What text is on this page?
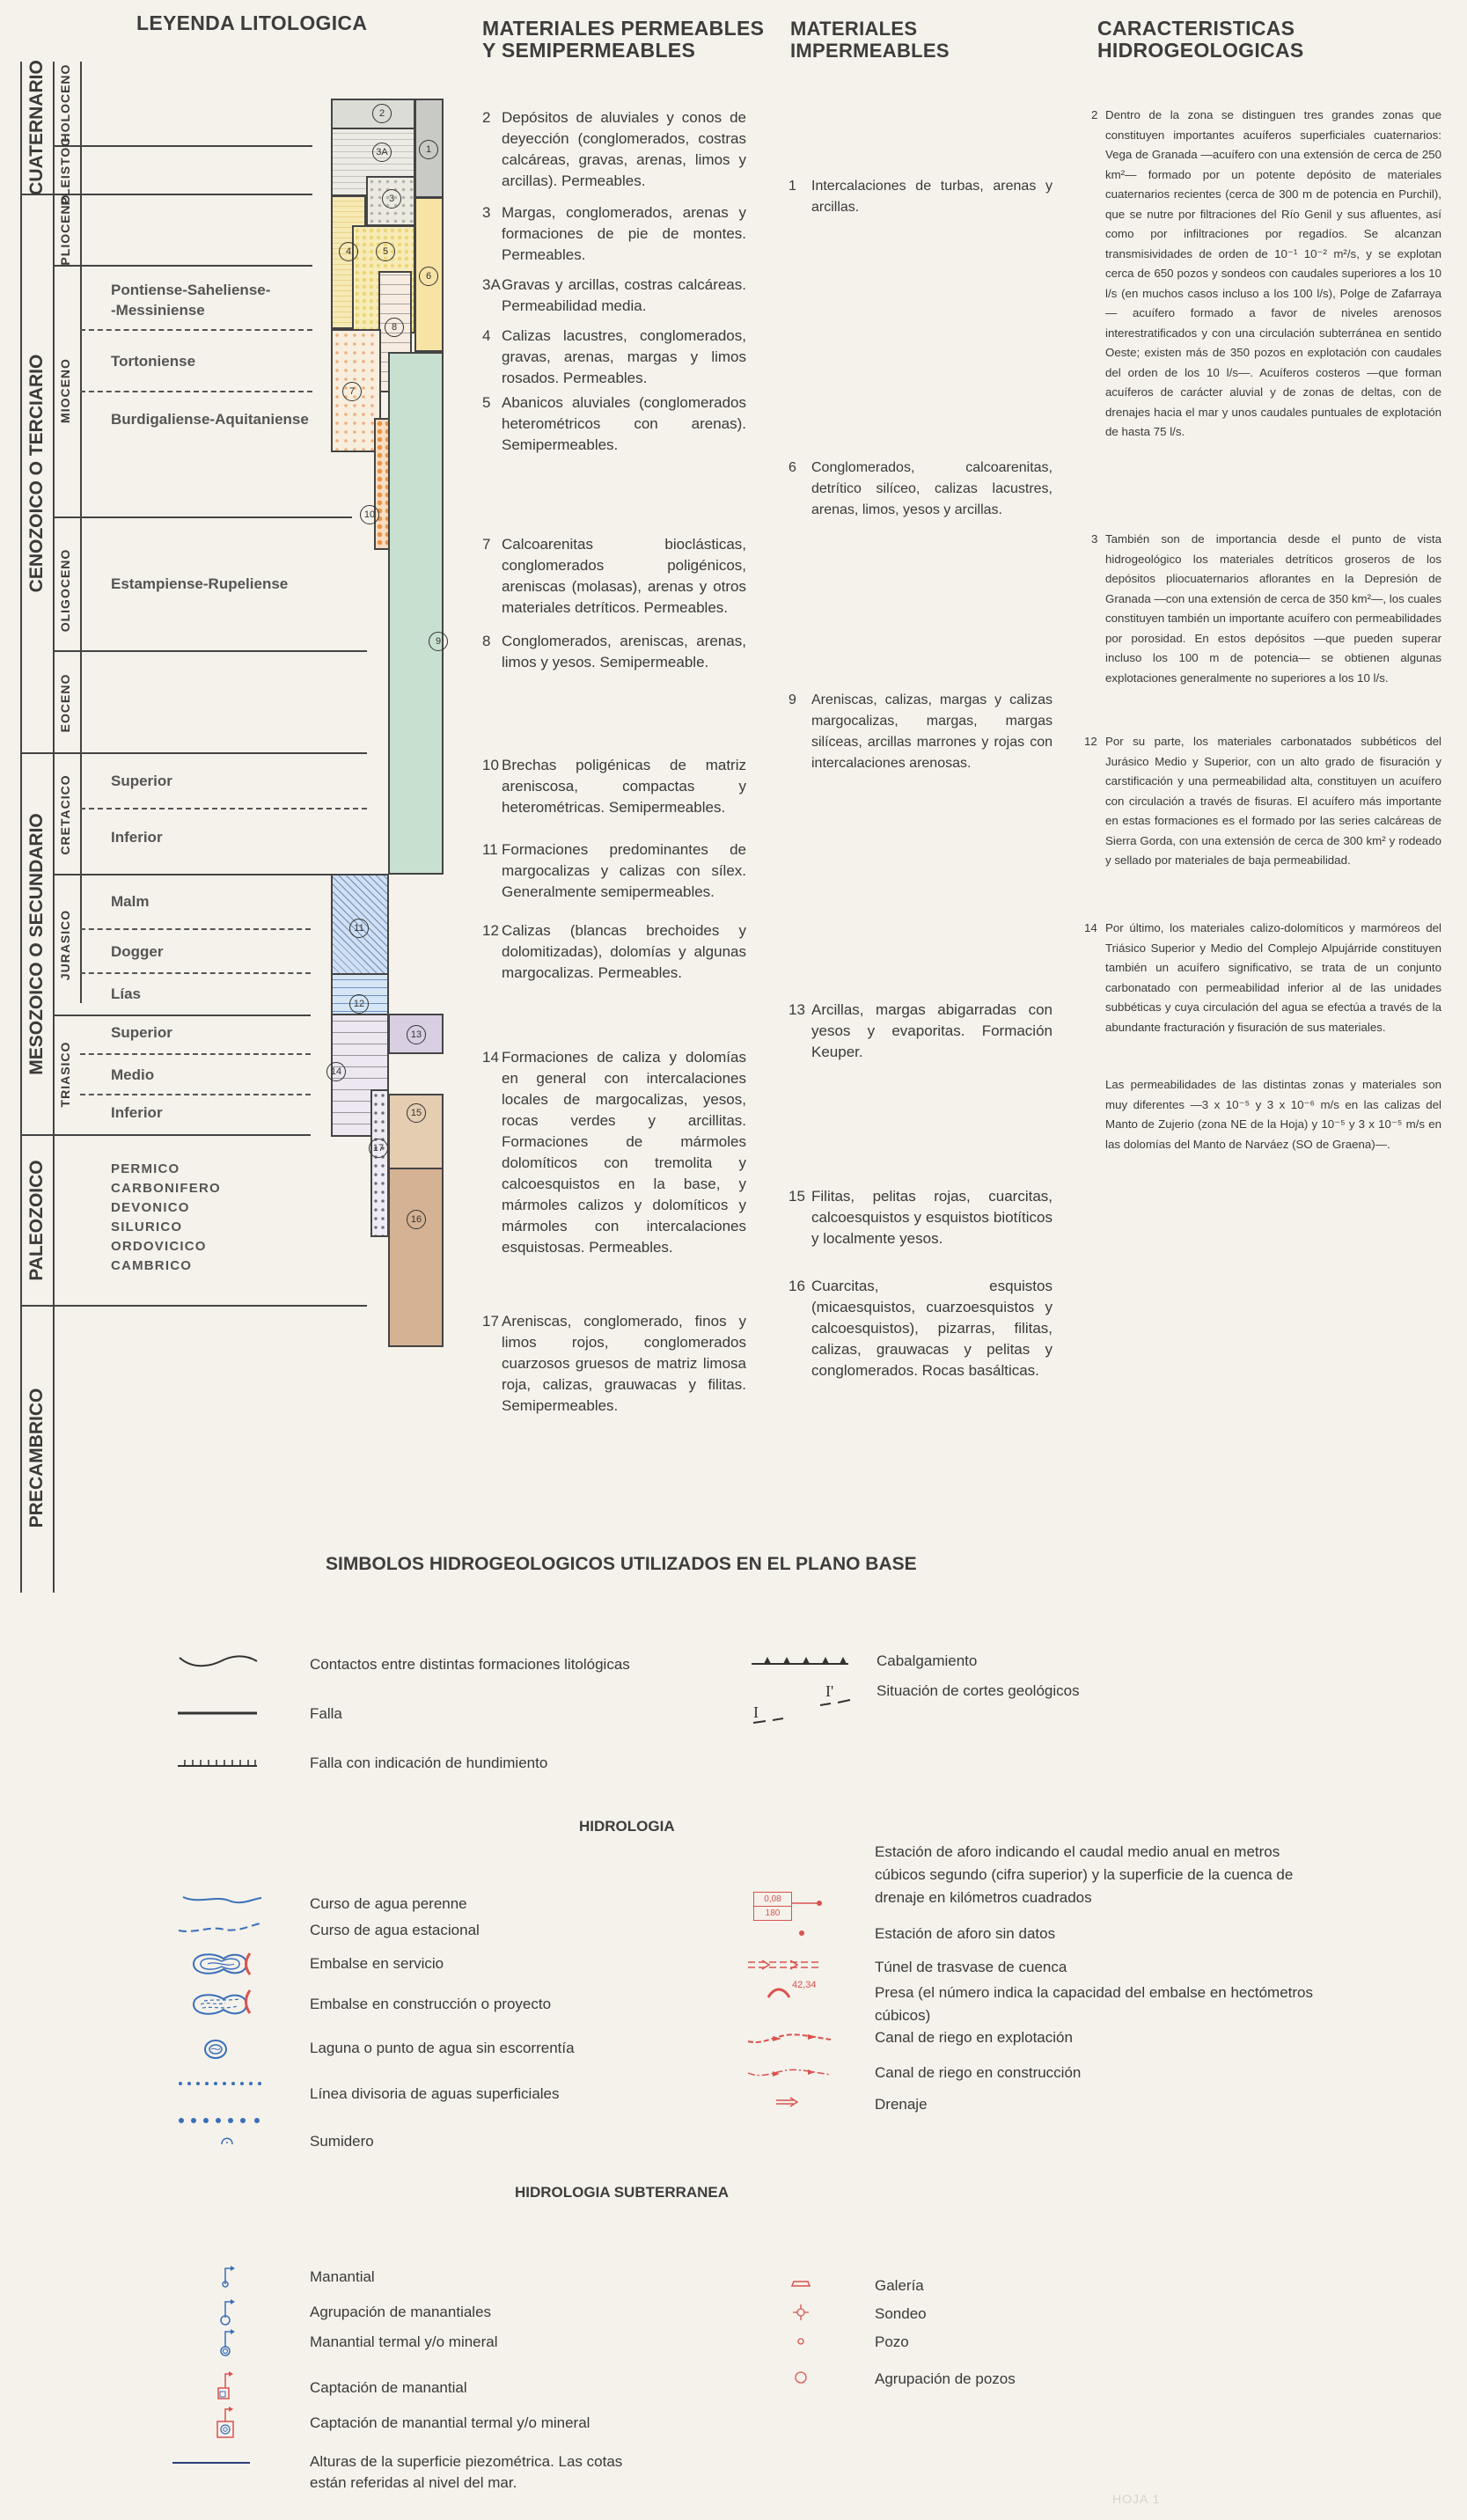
LEYENDA LITOLOGICA	MATERIALES PERMEABLES
Y SEMIPERMEABLES
MATERIALES
IMPERMEABLES
CARACTERISTICAS
HIDROGEOLOGICAS
CUATERNARIO
CENOZOICO O TERCIARIO
MESOZOICO O SECUNDARIO
PALEOZOICO
PRECAMBRICO
HOLOCENO
PLEISTOC.
PLIOCENO
MIOCENO
OLIGOCENO
EOCENO
CRETACICO
JURASICO
TRIASICO
Pontiense-Saheliense-
-Messiniense
Tortoniense
Burdigaliense-Aquitaniense
Estampiense-Rupeliense
Superior
Inferior
Malm
Dogger
Lías
Superior
Medio
Inferior
PERMICO
CARBONIFERO
DEVONICO
SILURICO
ORDOVICICO
CAMBRICO
2
1
3A
3
4	5
6
8
7
10
9
11
12
13
14
15
17
16
2 Depósitos de aluviales y conos de deyección (conglomerados, costras calcáreas, gravas, arenas, limos y arcillas). Permeables.
3 Margas, conglomerados, arenas y formaciones de pie de montes. Permeables.
3A Gravas y arcillas, costras calcáreas. Permeabilidad media.
4 Calizas lacustres, conglomerados, gravas, arenas, margas y limos rosados. Permeables.
5 Abanicos aluviales (conglomerados heterométricos con arenas). Semipermeables.
7 Calcoarenitas bioclásticas, conglomerados poligénicos, areniscas (molasas), arenas y otros materiales detríticos. Permeables.
8 Conglomerados, areniscas, arenas, limos y yesos. Semipermeable.
10 Brechas poligénicas de matriz areniscosa, compactas y heterométricas. Semipermeables.
11 Formaciones predominantes de margocalizas y calizas con sílex. Generalmente semipermeables.
12 Calizas (blancas brechoides y dolomitizadas), dolomías y algunas margocalizas. Permeables.
14 Formaciones de caliza y dolomías en general con intercalaciones locales de margocalizas, yesos, rocas verdes y arcillitas. Formaciones de mármoles dolomíticos con tremolita y calcoesquistos en la base, y mármoles calizos y dolomíticos y mármoles con intercalaciones esquistosas. Permeables.
17 Areniscas, conglomerado, finos y limos rojos, conglomerados cuarzosos gruesos de matriz limosa roja, calizas, grauwacas y filitas. Semipermeables.
1	Intercalaciones de turbas, arenas y arcillas.
6	Conglomerados, calcoarenitas, detrítico silíceo, calizas lacustres, arenas, limos, yesos y arcillas.
9	Areniscas, calizas, margas y calizas margocalizas, margas, margas silíceas, arcillas marrones y rojas con intercalaciones arenosas.
13 Arcillas, margas abigarradas con yesos y evaporitas. Formación Keuper.
15 Filitas, pelitas rojas, cuarcitas, calcoesquistos y esquistos biotíticos y localmente yesos.
16 Cuarcitas, esquistos (micaesquistos, cuarzoesquistos y calcoesquistos), pizarras, filitas, calizas, grauwacas y pelitas y conglomerados. Rocas basálticas.
2 Dentro de la zona se distinguen tres grandes zonas que constituyen importantes acuíferos superficiales cuaternarios: Vega de Granada —acuífero con una extensión de cerca de 250 km²— formado por un potente depósito de materiales cuaternarios recientes (cerca de 300 m de potencia en Purchil), que se nutre por filtraciones del Río Genil y sus afluentes, así como por infiltraciones por regadíos. Se alcanzan transmisividades de orden de 10⁻¹ 10⁻² m²/s, y se explotan cerca de 650 pozos y sondeos con caudales superiores a los 10 l/s (en muchos casos incluso a los 100 l/s), Polge de Zafarraya— acuífero formado a favor de niveles arenosos interestratificados y con una circulación subterránea en sentido Oeste; existen más de 350 pozos en explotación con caudales del orden de los 10 l/s—. Acuíferos costeros —que forman acuíferos de carácter aluvial y de zonas de deltas, con de drenajes hacia el mar y unos caudales puntuales de explotación de hasta 75 l/s.
3 También son de importancia desde el punto de vista hidrogeológico los materiales detríticos groseros de los depósitos pliocuaternarios aflorantes en la Depresión de Granada —con una extensión de cerca de 350 km²—, los cuales constituyen también un importante acuífero con permeabilidades por porosidad. En estos depósitos —que pueden superar incluso los 100 m de potencia— se obtienen algunas explotaciones generalmente no superiores a los 10 l/s.
12 Por su parte, los materiales carbonatados subbéticos del Jurásico Medio y Superior, con un alto grado de fisuración y carstificación y una permeabilidad alta, constituyen un acuífero con circulación a través de fisuras. El acuífero más importante en estas formaciones es el formado por las series calcáreas de Sierra Gorda, con una extensión de cerca de 300 km² y rodeado y sellado por materiales de baja permeabilidad.
14 Por último, los materiales calizo-dolomíticos y marmóreos del Triásico Superior y Medio del Complejo Alpujárride constituyen también un acuífero significativo, se trata de un conjunto carbonatado con permeabilidad inferior al de las unidades subbéticas y cuya circulación del agua se efectúa a través de la abundante fracturación y fisuración de sus materiales.
Las permeabilidades de las distintas zonas y materiales son muy diferentes —3 x 10⁻⁵ y 3 x 10⁻⁶ m/s en las calizas del Manto de Zujerio (zona NE de la Hoja) y 10⁻⁵ y 3 x 10⁻⁵ m/s en las dolomías del Manto de Narváez (SO de Graena)—.
SIMBOLOS HIDROGEOLOGICOS UTILIZADOS EN EL PLANO BASE
Contactos entre distintas formaciones litológicas
Falla
Falla con indicación de hundimiento
Cabalgamiento
I
I'	Situación de cortes geológicos
HIDROLOGIA
Curso de agua perenne
Curso de agua estacional
Embalse en servicio
Embalse en construcción o proyecto
Laguna o punto de agua sin escorrentía
Línea divisoria de aguas superficiales
Sumidero
0,08
180
Estación de aforo indicando el caudal medio anual en metros cúbicos segundo (cifra superior) y la superficie de la cuenca de drenaje en kilómetros cuadrados
Estación de aforo sin datos
Túnel de trasvase de cuenca
42,34	Presa (el número indica la capacidad del embalse en hectómetros cúbicos)
Canal de riego en explotación
Canal de riego en construcción
Drenaje
HIDROLOGIA SUBTERRANEA
Manantial
Agrupación de manantiales
Manantial termal y/o mineral
Captación de manantial
Captación de manantial termal y/o mineral
Alturas de la superficie piezométrica. Las cotas están referidas al nivel del mar.
Galería
Sondeo
Pozo
Agrupación de pozos
HOJA 1
